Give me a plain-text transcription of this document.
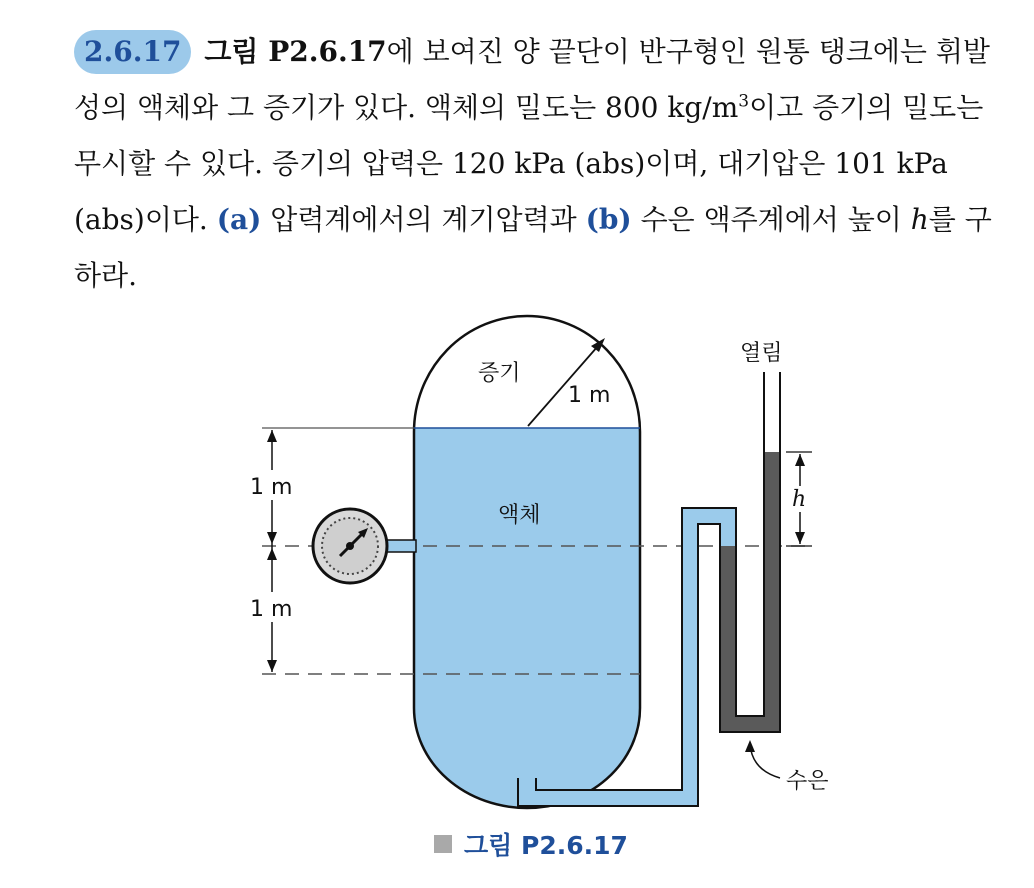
2.6.17 그림 P2.6.17에 보여진 양 끝단이 반구형인 원통 탱크에는 휘발성의 액체와 그 증기가 있다. 액체의 밀도는 800 $kg/m^3$이고 증기의 밀도는 무시할 수 있다. 증기의 압력은 120 kPa (abs)이며, 대기압은 101 kPa (abs)이다. (a) 압력계에서의 계기압력과 (b) 수은 액주계에서 높이 h를 구하라.

증기
1 m
액체
1 m
1 m
열림
h
수은
그림 P2.6.17
